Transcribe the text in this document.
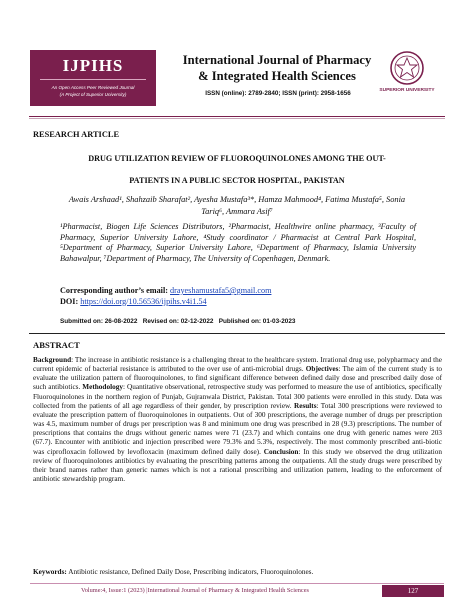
IJPIHS
An Open Access Peer Reviewed Journal
(A Project of Superior University)
International Journal of Pharmacy
& Integrated Health Sciences
ISSN (online): 2789-2840; ISSN (print): 2958-1656	SUPERIOR UNIVERSITY
RESEARCH ARTICLE
DRUG UTILIZATION REVIEW OF FLUOROQUINOLONES AMONG THE OUT-
PATIENTS IN A PUBLIC SECTOR HOSPITAL, PAKISTAN
Awais Arshaad¹, Shahzaib Sharafat², Ayesha Mustafa³*, Hamza Mahmood⁴, Fatima Mustafa⁵, Sonia Tariq⁶, Ammara Asif⁷
¹Pharmacist, Biogen Life Sciences Distributors, ²Pharmacist, Healthwire online pharmacy, ³Faculty of Pharmacy, Superior University Lahore, ⁴Study coordinator / Pharmacist at Central Park Hospital, ⁵Department of Pharmacy, Superior University Lahore, ⁶Department of Pharmacy, Islamia University Bahawalpur, ⁷Department of Pharmacy, The University of Copenhagen, Denmark.
Corresponding author’s email: drayeshamustafa5@gmail.com
DOI: https://doi.org/10.56536/ijpihs.v4i1.54
Submitted on: 26-08-2022   Revised on: 02-12-2022   Published on: 01-03-2023
ABSTRACT
Background: The increase in antibiotic resistance is a challenging threat to the healthcare system. Irrational drug use, polypharmacy and the current epidemic of bacterial resistance is attributed to the over use of anti-microbial drugs. Objectives: The aim of the current study is to evaluate the utilization pattern of fluoroquinolones, to find significant difference between defined daily dose and prescribed daily dose of such antibiotics. Methodology: Quantitative observational, retrospective study was performed to measure the use of antibiotics, specifically Fluoroquinolones in the northern region of Punjab, Gujranwala District, Pakistan. Total 300 patients were enrolled in this study. Data was collected from the patients of all age regardless of their gender, by prescription review. Results: Total 300 prescriptions were reviewed to evaluate the prescription pattern of fluoroquinolones in outpatients. Out of 300 prescriptions, the average number of drugs per prescription was 4.5, maximum number of drugs per prescription was 8 and minimum one drug was prescribed in 28 (9.3) prescriptions. The number of prescriptions that contains the drugs without generic names were 71 (23.7) and which contains one drug with generic names were 203 (67.7). Encounter with antibiotic and injection prescribed were 79.3% and 5.3%, respectively. The most commonly prescribed anti-biotic was ciprofloxacin followed by levofloxacin (maximum defined daily dose). Conclusion: In this study we observed the drug utilization review of fluoroquinolones antibiotics by evaluating the prescribing patterns among the outpatients. All the study drugs were prescribed by their brand names rather than generic names which is not a rational prescribing and utilization pattern, leading to the enforcement of antibiotic stewardship program.
Keywords: Antibiotic resistance, Defined Daily Dose, Prescribing indicators, Fluoroquinolones.
Volume:4, Issue:1 (2023) |International Journal of Pharmacy & Integrated Health Sciences	127
